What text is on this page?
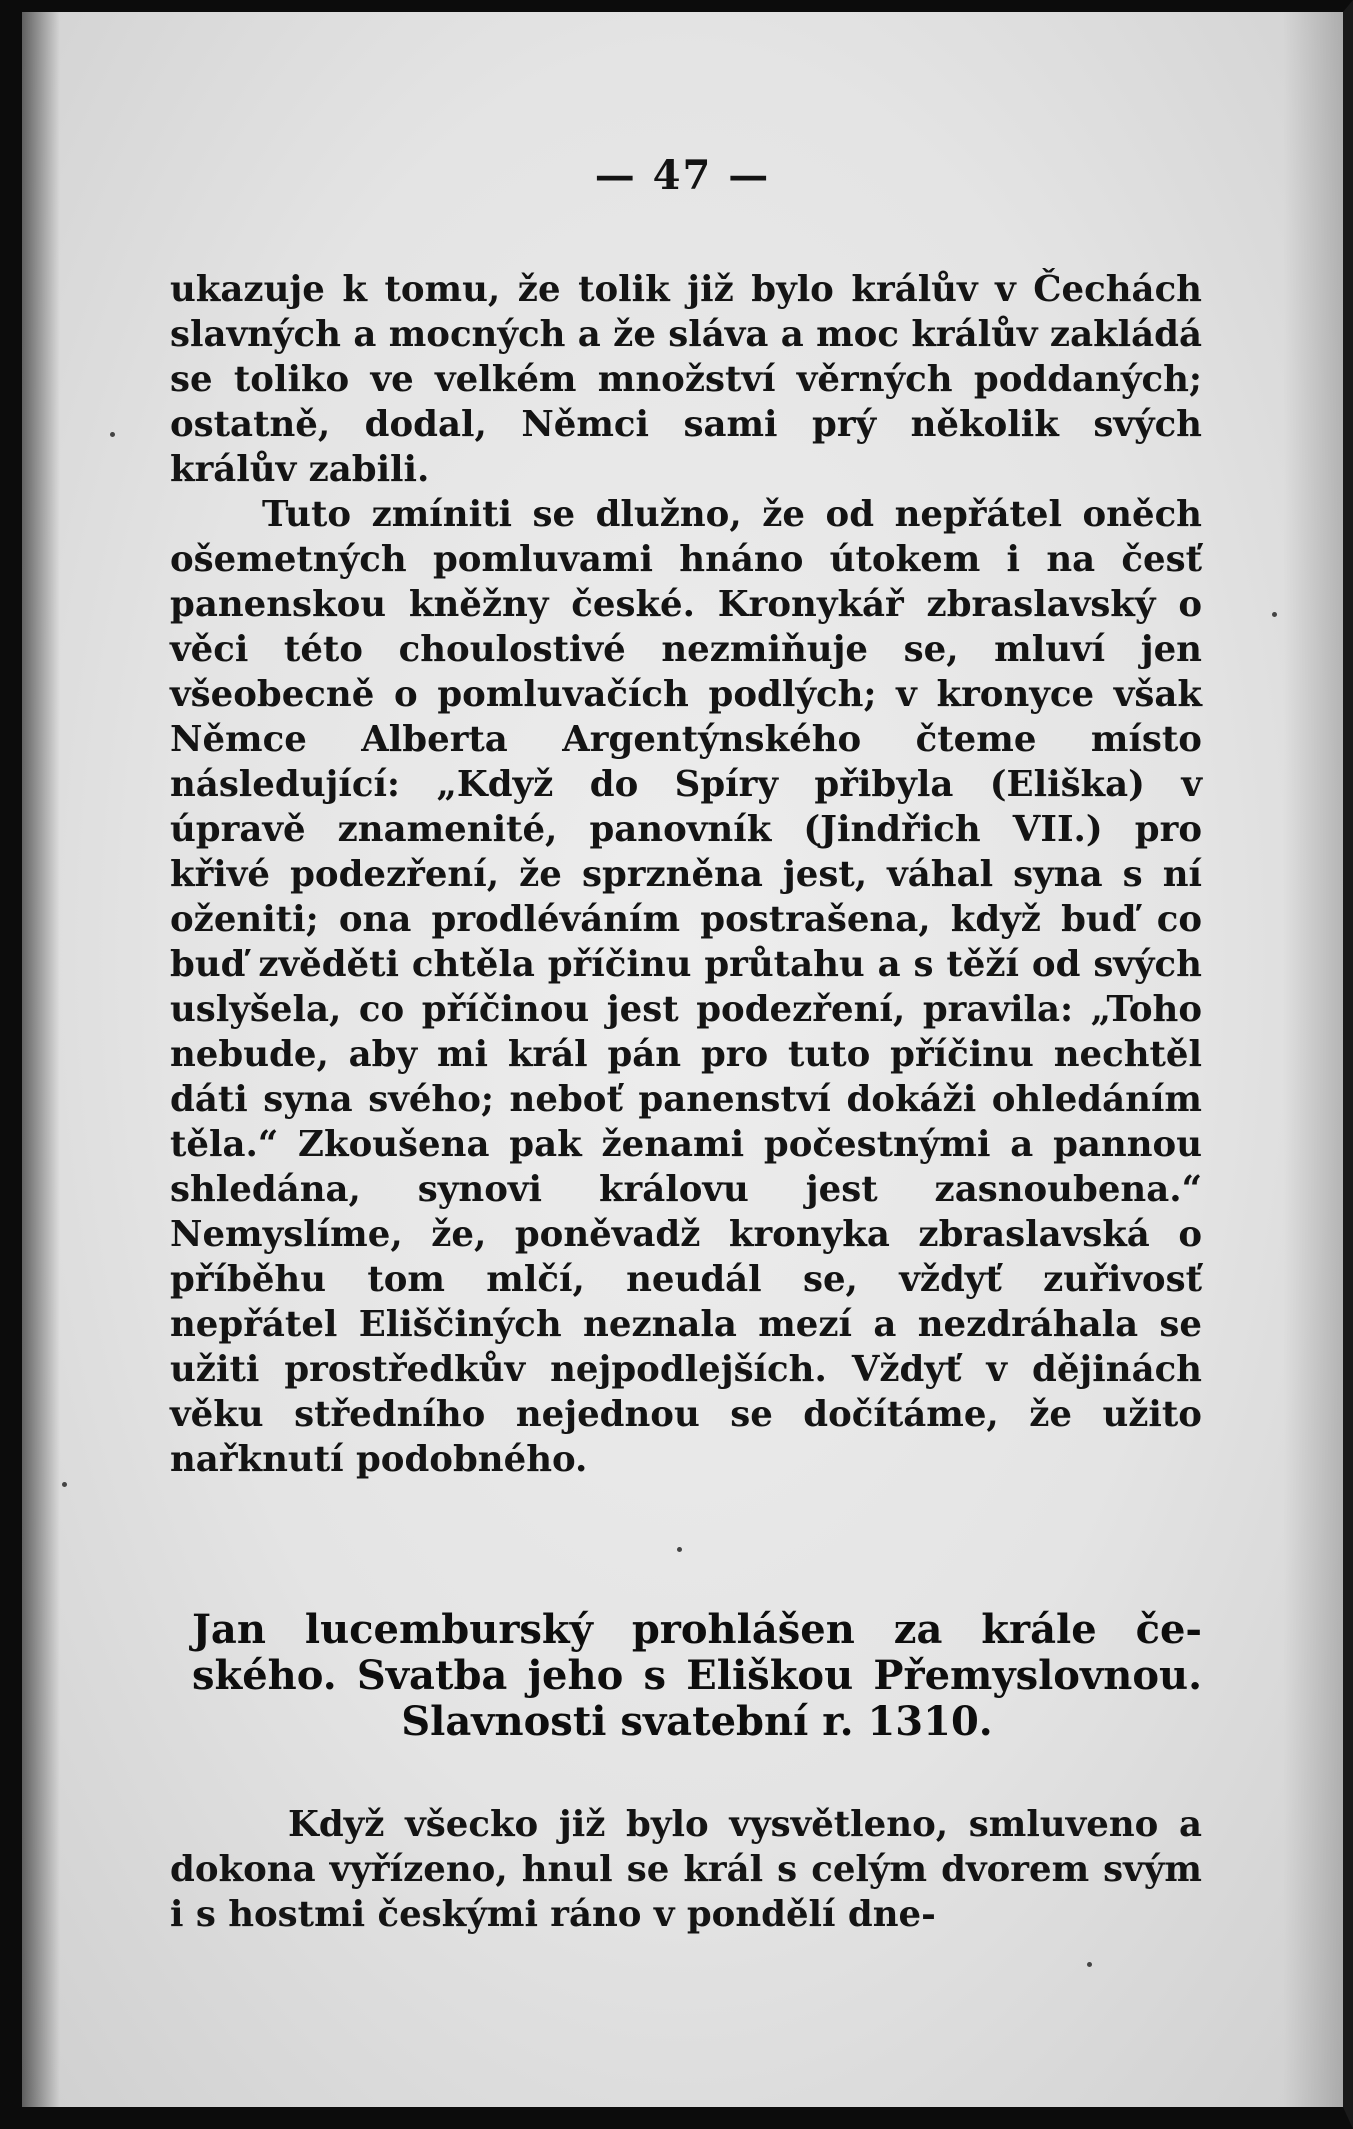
— 47 —

ukazuje k tomu, že tolik již bylo králův v Čechách slavných a mocných a že sláva a moc králův zakládá se toliko ve velkém množství věrných poddaných; ostatně, dodal, Němci sami prý několik svých králův zabili.

Tuto zmíniti se dlužno, že od nepřátel oněch ošemetných pomluvami hnáno útokem i na česť panenskou kněžny české. Kronykář zbraslavský o věci této choulostivé nezmiňuje se, mluví jen všeobecně o pomluvačích podlých; v kronyce však Němce Alberta Argentýnského čteme místo následující: „Když do Spíry přibyla (Eliška) v úpravě znamenité, panovník (Jindřich VII.) pro křivé podezření, že sprzněna jest, váhal syna s ní oženiti; ona prodléváním postrašena, když buď co buď zvěděti chtěla příčinu průtahu a s těží od svých uslyšela, co příčinou jest podezření, pravila: „Toho nebude, aby mi král pán pro tuto příčinu nechtěl dáti syna svého; neboť panenství dokáži ohledáním těla.“ Zkoušena pak ženami počestnými a pannou shledána, synovi královu jest zasnoubena.“ Nemyslíme, že, poněvadž kronyka zbraslavská o příběhu tom mlčí, neudál se, vždyť zuřivosť nepřátel Eliščiných neznala mezí a nezdráhala se užiti prostředkův nejpodlejších. Vždyť v dějinách věku středního nejednou se dočítáme, že užito nařknutí podobného.

Jan lucemburský prohlášen za krále če-
ského. Svatba jeho s Eliškou Přemyslovnou.
Slavnosti svatební r. 1310.

Když všecko již bylo vysvětleno, smluveno a dokona vyřízeno, hnul se král s celým dvorem svým i s hostmi českými ráno v pondělí dne-
